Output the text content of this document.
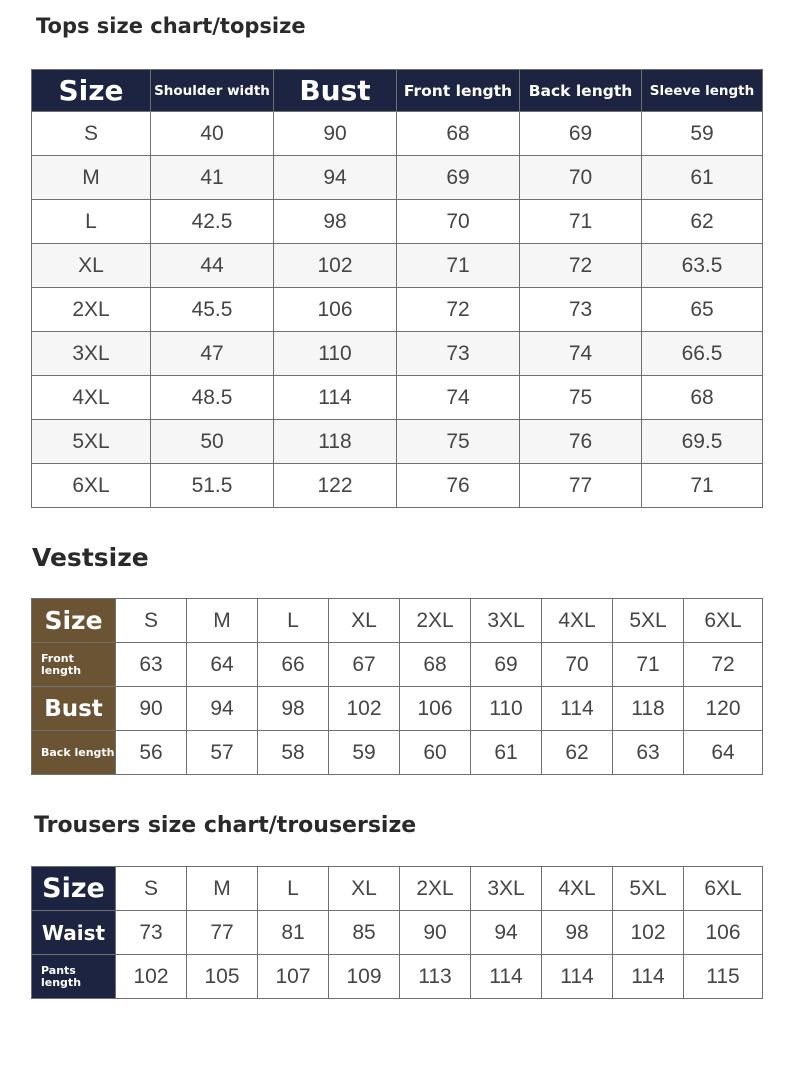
Tops size chart/topsize
Size	Shoulder width	Bust	Front length	Back length	Sleeve length
S	40	90	68	69	59
M	41	94	69	70	61
L	42.5	98	70	71	62
XL	44	102	71	72	63.5
2XL	45.5	106	72	73	65
3XL	47	110	73	74	66.5
4XL	48.5	114	74	75	68
5XL	50	118	75	76	69.5
6XL	51.5	122	76	77	71
Vestsize
Size	S	M	L	XL	2XL	3XL	4XL	5XL	6XL
Front length	63	64	66	67	68	69	70	71	72
Bust	90	94	98	102	106	110	114	118	120
Back length	56	57	58	59	60	61	62	63	64
Trousers size chart/trousersize
Size	S	M	L	XL	2XL	3XL	4XL	5XL	6XL
Waist	73	77	81	85	90	94	98	102	106
Pants length	102	105	107	109	113	114	114	114	115
